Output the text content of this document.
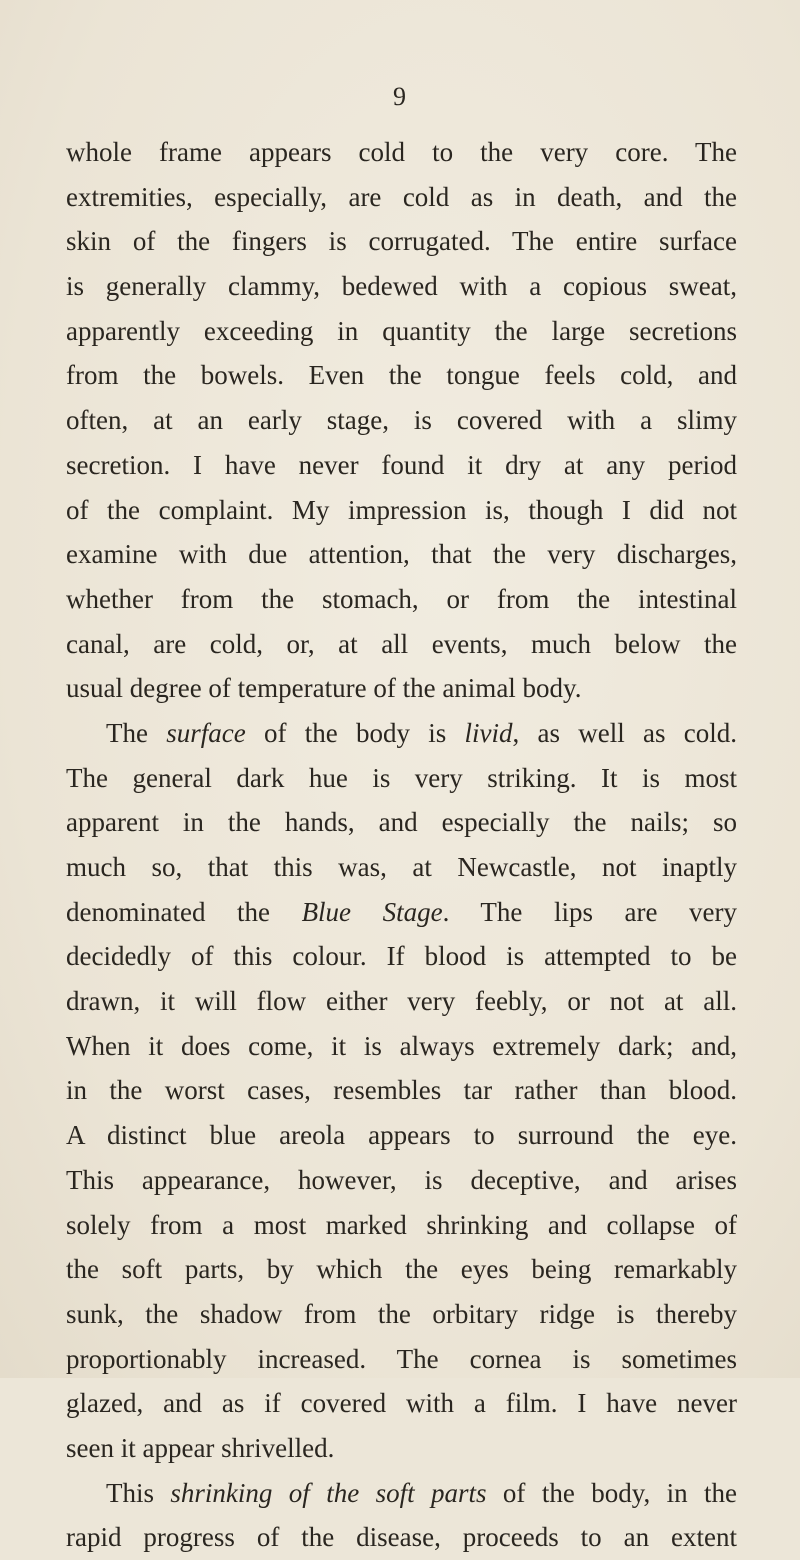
9
whole frame appears cold to the very core. The
extremities, especially, are cold as in death, and the
skin of the fingers is corrugated. The entire surface
is generally clammy, bedewed with a copious sweat,
apparently exceeding in quantity the large secretions
from the bowels. Even the tongue feels cold, and
often, at an early stage, is covered with a slimy
secretion. I have never found it dry at any period
of the complaint. My impression is, though I did not
examine with due attention, that the very discharges,
whether from the stomach, or from the intestinal
canal, are cold, or, at all events, much below the
usual degree of temperature of the animal body.
The surface of the body is livid, as well as cold.
The general dark hue is very striking. It is most
apparent in the hands, and especially the nails; so
much so, that this was, at Newcastle, not inaptly
denominated the Blue Stage. The lips are very
decidedly of this colour. If blood is attempted to be
drawn, it will flow either very feebly, or not at all.
When it does come, it is always extremely dark; and,
in the worst cases, resembles tar rather than blood.
A distinct blue areola appears to surround the eye.
This appearance, however, is deceptive, and arises
solely from a most marked shrinking and collapse of
the soft parts, by which the eyes being remarkably
sunk, the shadow from the orbitary ridge is thereby
proportionably increased. The cornea is sometimes
glazed, and as if covered with a film. I have never
seen it appear shrivelled.
This shrinking of the soft parts of the body, in the
rapid progress of the disease, proceeds to an extent
